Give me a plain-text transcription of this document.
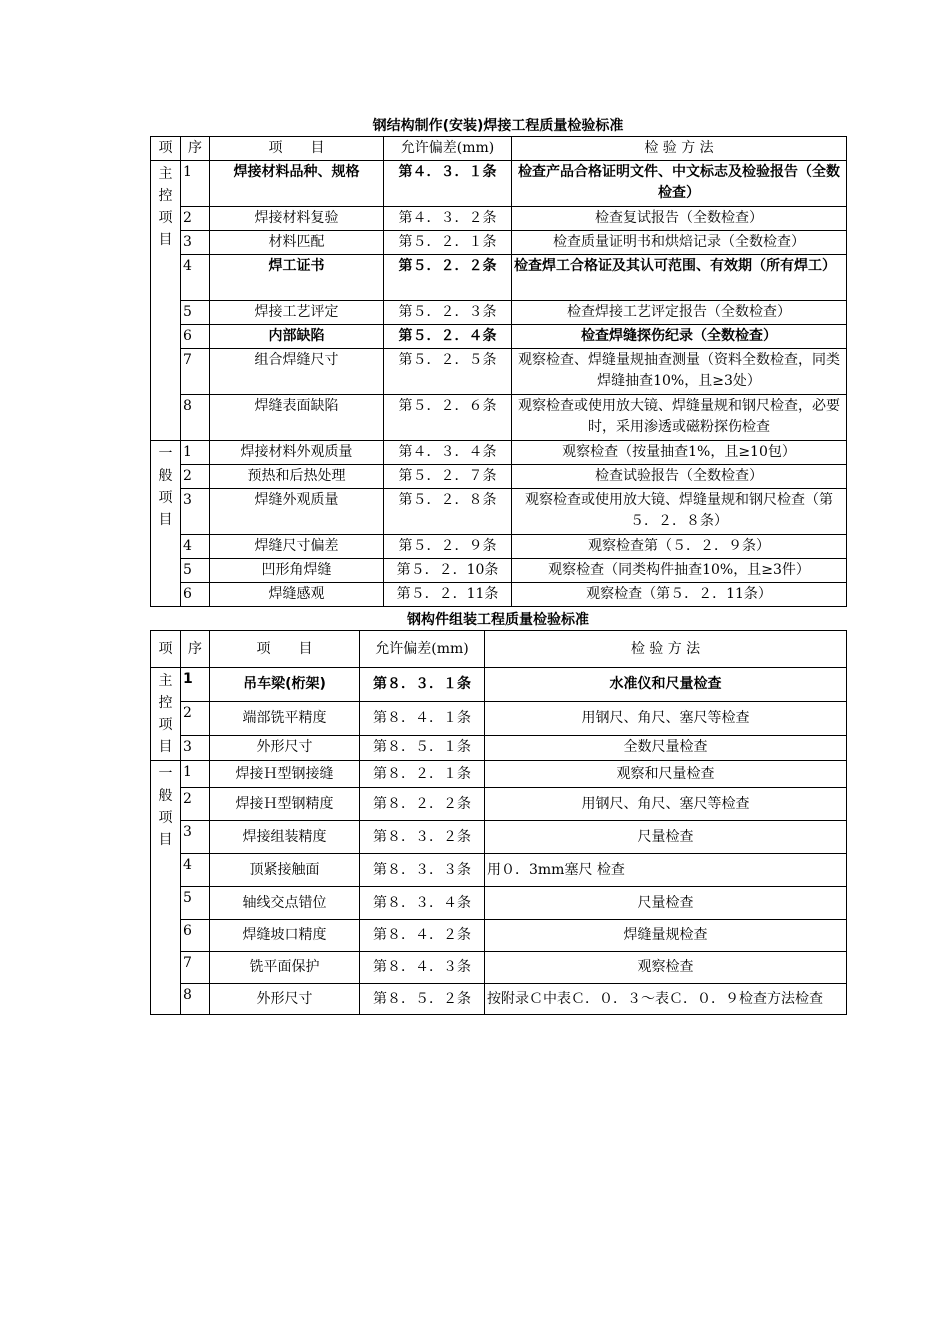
钢结构制作(安装)焊接工程质量检验标准
项	序	项　　目	允许偏差(mm)	检 验 方 法

主
控
项
目	1	焊接材料品种、规格	第４．３．１条	检查产品合格证明文件、中文标志及检验报告（全数检查）
	2	焊接材料复验	第４．３．２条	检查复试报告（全数检查）
	3	材料匹配	第５．２．１条	检查质量证明书和烘焙记录（全数检查）
	4	焊工证书	第５．２．２条	检查焊工合格证及其认可范围、有效期（所有焊工）
	5	焊接工艺评定	第５．２．３条	检查焊接工艺评定报告（全数检查）
	6	内部缺陷	第５．２．４条	检查焊缝探伤纪录（全数检查）
	7	组合焊缝尺寸	第５．２．５条	观察检查、焊缝量规抽查测量（资料全数检查，同类焊缝抽查10%，且≥3处）
	8	焊缝表面缺陷	第５．２．６条	观察检查或使用放大镜、焊缝量规和钢尺检查，必要时，采用渗透或磁粉探伤检查

一
般
项
目	1	焊接材料外观质量	第４．３．４条	观察检查（按量抽查1%，且≥10包）
	2	预热和后热处理	第５．２．７条	检查试验报告（全数检查）
	3	焊缝外观质量	第５．２．８条	观察检查或使用放大镜、焊缝量规和钢尺检查（第５．２．８条）
	4	焊缝尺寸偏差	第５．２．９条	观察检查第（５．２．９条）
	5	凹形角焊缝	第５．２．10条	观察检查（同类构件抽查10%，且≥3件）
	6	焊缝感观	第５．２．11条	观察检查（第５．２．11条）
钢构件组装工程质量检验标准
项	序	项　　目	允许偏差(mm)	检 验 方 法

主
控
项
目	1	吊车梁(桁架)	第８．３．１条	水准仪和尺量检查
	2	端部铣平精度	第８．４．１条	用钢尺、角尺、塞尺等检查
	3	外形尺寸	第８．５．１条	全数尺量检查

一
般
项
目	1	焊接Ｈ型钢接缝	第８．２．１条	观察和尺量检查
	2	焊接Ｈ型钢精度	第８．２．２条	用钢尺、角尺、塞尺等检查
	3	焊接组装精度	第８．３．２条	尺量检查
	4	顶紧接触面	第８．３．３条	用０．3mm塞尺 检查
	5	轴线交点错位	第８．３．４条	尺量检查
	6	焊缝坡口精度	第８．４．２条	焊缝量规检查
	7	铣平面保护	第８．４．３条	观察检查
	8	外形尺寸	第８．５．２条	按附录Ｃ中表Ｃ．０．３～表Ｃ．０．９检查方法检查
